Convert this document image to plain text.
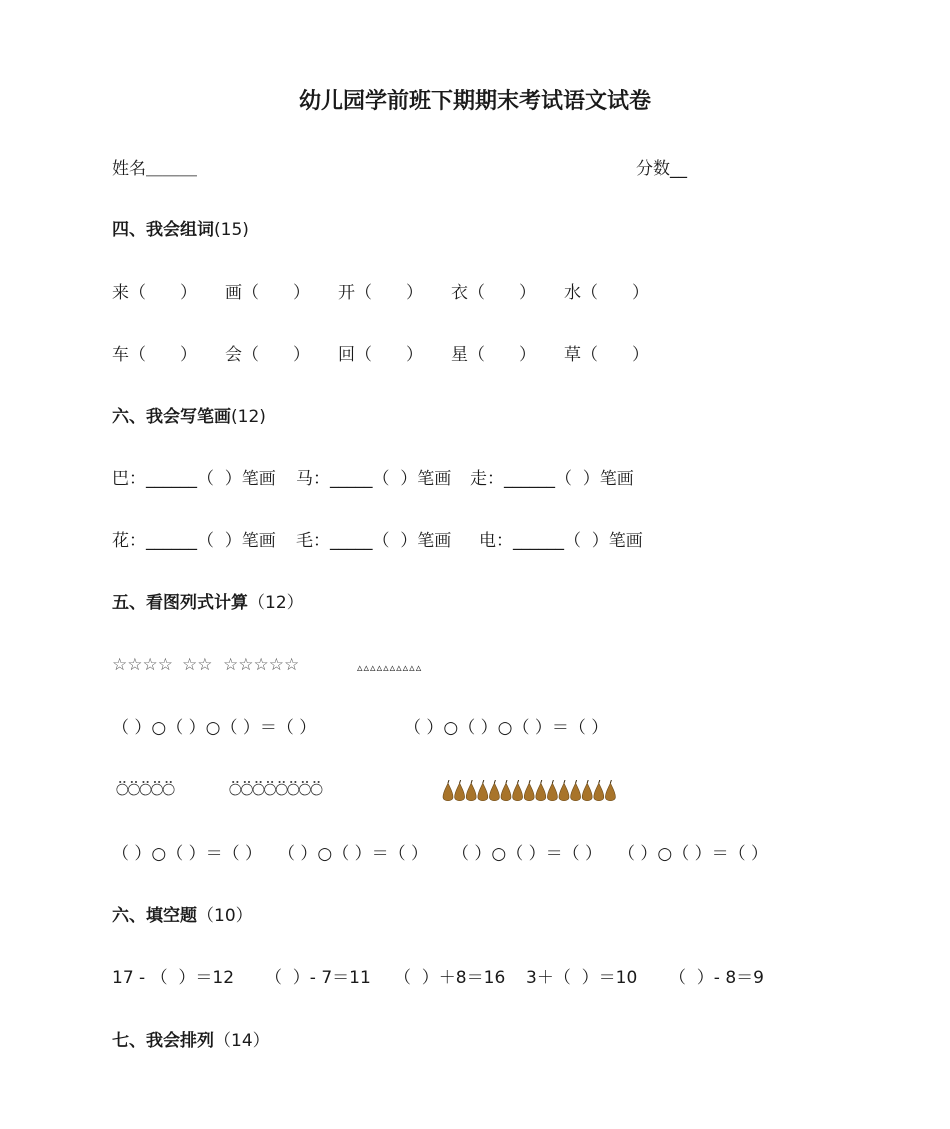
幼儿园学前班下期期末考试语文试卷
姓名＿＿＿	分数__
四、我会组词(15)
来（　　） 画（　　） 开（　　） 衣（　　） 水（　　）
车（　　） 会（　　） 回（　　） 星（　　） 草（　　）
六、我会写笔画(12)
巴：______（  ）笔画 马：_____（  ）笔画 走：______（  ）笔画
花：______（  ）笔画 毛：_____（  ）笔画 电：______（  ）笔画
五、看图列式计算（12）
☆☆☆☆ ☆☆ ☆☆☆☆☆	▵▵▵▵▵▵▵▵▵▵
（ ）○（ ）○（ ）＝（ ）	（ ）○（ ）○（ ）＝（ ）
⍥⍥⍥⍥⍥	⍥⍥⍥⍥⍥⍥⍥⍥
（ ）○（ ）＝（ ） （ ）○（ ）＝（ ） （ ）○（ ）＝（ ） （ ）○（ ）＝（ ）
六、填空题（10）
17 - （  ）＝12 （  ）- 7＝11 （  ）＋8＝16 3＋（  ）＝10 （  ）- 8＝9
七、我会排列（14）
